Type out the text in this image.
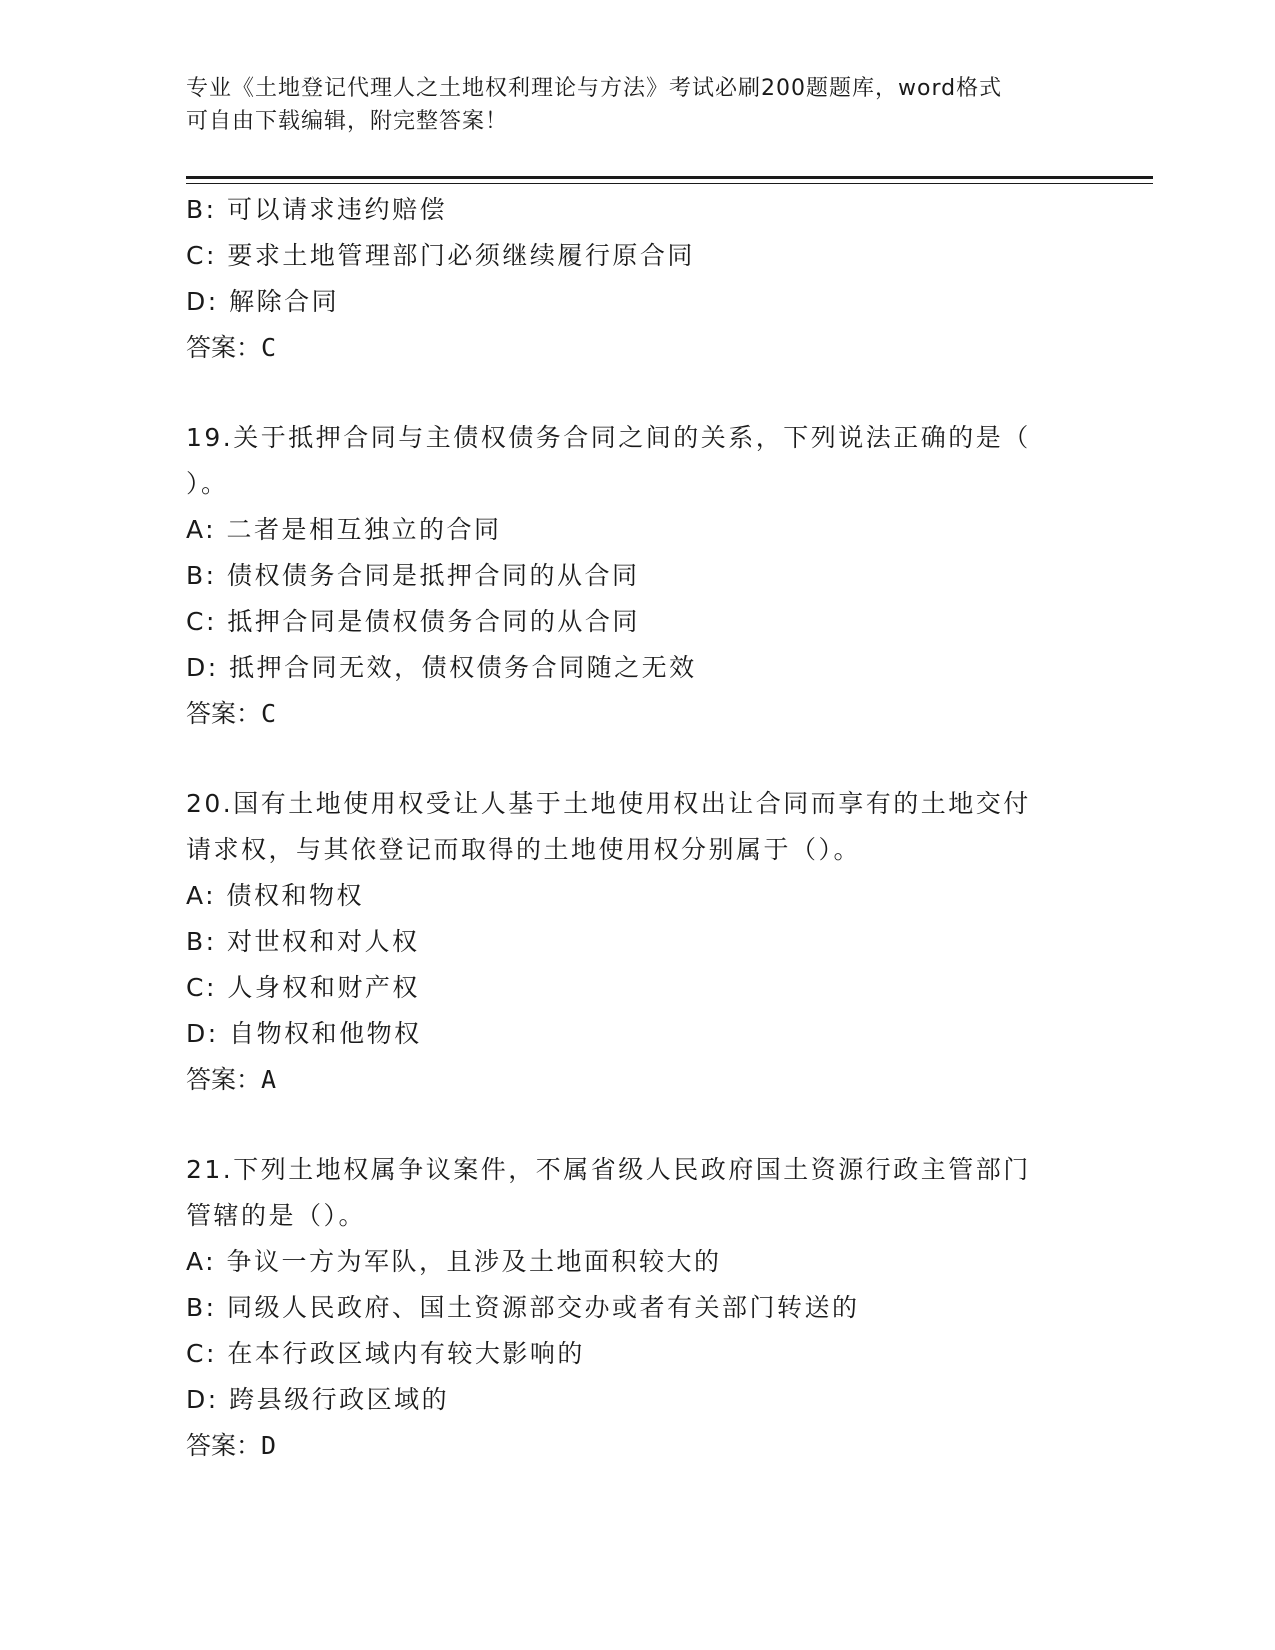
专业《土地登记代理人之土地权利理论与方法》考试必刷200题题库，word格式
可自由下载编辑，附完整答案！
B: 可以请求违约赔偿
C: 要求土地管理部门必须继续履行原合同
D: 解除合同
答案：C
19.关于抵押合同与主债权债务合同之间的关系，下列说法正确的是（
）。
A: 二者是相互独立的合同
B: 债权债务合同是抵押合同的从合同
C: 抵押合同是债权债务合同的从合同
D: 抵押合同无效，债权债务合同随之无效
答案：C
20.国有土地使用权受让人基于土地使用权出让合同而享有的土地交付
请求权，与其依登记而取得的土地使用权分别属于（）。
A: 债权和物权
B: 对世权和对人权
C: 人身权和财产权
D: 自物权和他物权
答案：A
21.下列土地权属争议案件，不属省级人民政府国土资源行政主管部门
管辖的是（）。
A: 争议一方为军队，且涉及土地面积较大的
B: 同级人民政府、国土资源部交办或者有关部门转送的
C: 在本行政区域内有较大影响的
D: 跨县级行政区域的
答案：D
